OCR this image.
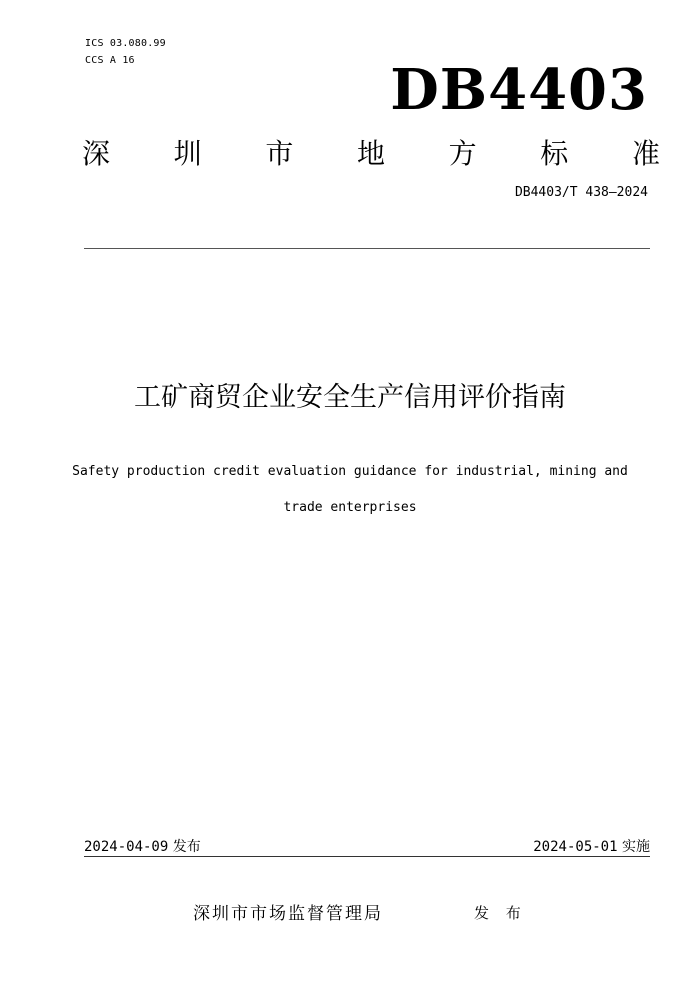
ICS 03.080.99
CCS A 16	DB4403
深 圳 市 地 方 标 准
DB4403/T 438—2024
工矿商贸企业安全生产信用评价指南
Safety production credit evaluation guidance for industrial, mining and
trade enterprises
2024-04-09 发布	2024-05-01 实施
深圳市市场监督管理局	发 布
